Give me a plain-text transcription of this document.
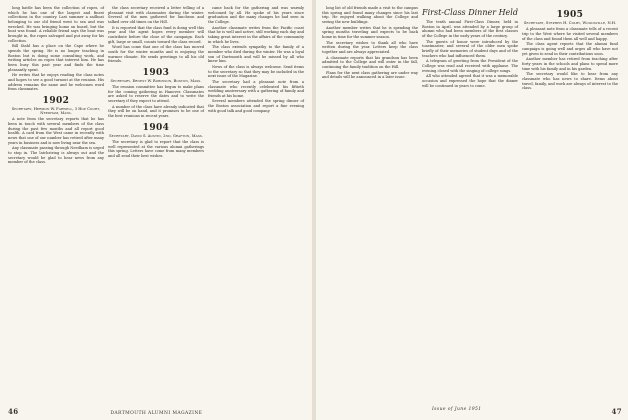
long battle has been the collection of ropes, of which he has one of the largest and finest collections in the country. Last summer a sailboat belonging to our old friend went to sea and was wrecked. He was bringing home on board, but the boat was found. A reliable friend says the boat was brought in, the ropes salvaged and put away for his collection.

Bill Stahl has a place on the Cape where he spends the spring. He is no longer teaching in Boston but is doing some consulting work, and writing articles on ropes that interest him. He has been busy this past year and finds the time pleasantly spent.

He writes that he enjoys reading the class notes and hopes to see a good turnout at the reunion. His address remains the same and he welcomes word from classmates.

1902
Secretary, Hermon W. Farwell, 3 Hop Court, Needham, Mass.

A note from the secretary reports that he has been in touch with several members of the class during the past few months and all report good health. A card from the West came in recently with news that one of our number has retired after many years in business and is now living near the sea.

Any classmate passing through Needham is urged to stop in. The latchstring is always out and the secretary would be glad to hear news from any member of the class.

the class secretary received a letter telling of a pleasant visit with classmates during the winter. Several of the men gathered for luncheon and talked over old times on the Hill.

It is reported that the class fund is doing well this year and the agent hopes every member will contribute before the close of the campaign. Each gift, large or small, counts toward the class record.

Word has come that one of the class has moved south for the winter months and is enjoying the warmer climate. He sends greetings to all his old friends.

1903
Secretary, Ernest W. Robinson, Boston, Mass.

The reunion committee has begun to make plans for the coming gathering in Hanover. Classmates are asked to reserve the dates and to write the secretary if they expect to attend.

A number of the class have already indicated that they will be on hand, and it promises to be one of the best reunions in recent years.

1904
Secretary, David S. Austin, 2nd, Grafton, Mass.

The secretary is glad to report that the class is well represented at the various alumni gatherings this spring. Letters have come from many members and all send their best wishes.

came back for the gathering and was warmly welcomed by all. He spoke of his years since graduation and the many changes he had seen in the College.

Another classmate writes from the Pacific coast that he is well and active, still working each day and taking great interest in the affairs of the community in which he lives.

The class extends sympathy to the family of a member who died during the winter. He was a loyal son of Dartmouth and will be missed by all who knew him.

News of the class is always welcome. Send items to the secretary so that they may be included in the next issue of the Magazine.

The secretary had a pleasant note from a classmate who recently celebrated his fiftieth wedding anniversary with a gathering of family and friends at his home.

Several members attended the spring dinner of the Boston association and report a fine evening with good talk and good company.

46	DARTMOUTH ALUMNI MAGAZINE

long list of old friends made a visit to the campus this spring and found many changes since his last trip. He enjoyed walking about the College and seeing the new buildings.

Another member writes that he is spending the spring months traveling and expects to be back home in time for the summer season.

The secretary wishes to thank all who have written during the year. Letters keep the class together and are always appreciated.

A classmate reports that his grandson has been admitted to the College and will enter in the fall, continuing the family tradition on the Hill.

Plans for the next class gathering are under way and details will be announced in a later issue.

First-Class Dinner Held

The tenth annual First-Class Dinner, held in Boston in April, was attended by a large group of alumni who had been members of the first classes of the College in the early years of the century.

The guests of honor were introduced by the toastmaster, and several of the older men spoke briefly of their memories of student days and of the teachers who had influenced them.

A telegram of greeting from the President of the College was read and received with applause. The evening closed with the singing of college songs.

All who attended agreed that it was a memorable occasion and expressed the hope that the dinner will be continued in years to come.

1905
Secretary, Stephen H. Colby, Woodsville, N.H.

A pleasant note from a classmate tells of a recent trip to the West where he visited several members of the class and found them all well and happy.

The class agent reports that the alumni fund campaign is going well and urges all who have not yet given to send in their contributions soon.

Another member has retired from teaching after forty years in the schools and plans to spend more time with his family and in his garden.

The secretary would like to hear from any classmate who has news to share. Items about travel, family, and work are always of interest to the class.

Issue of June 1951	47
